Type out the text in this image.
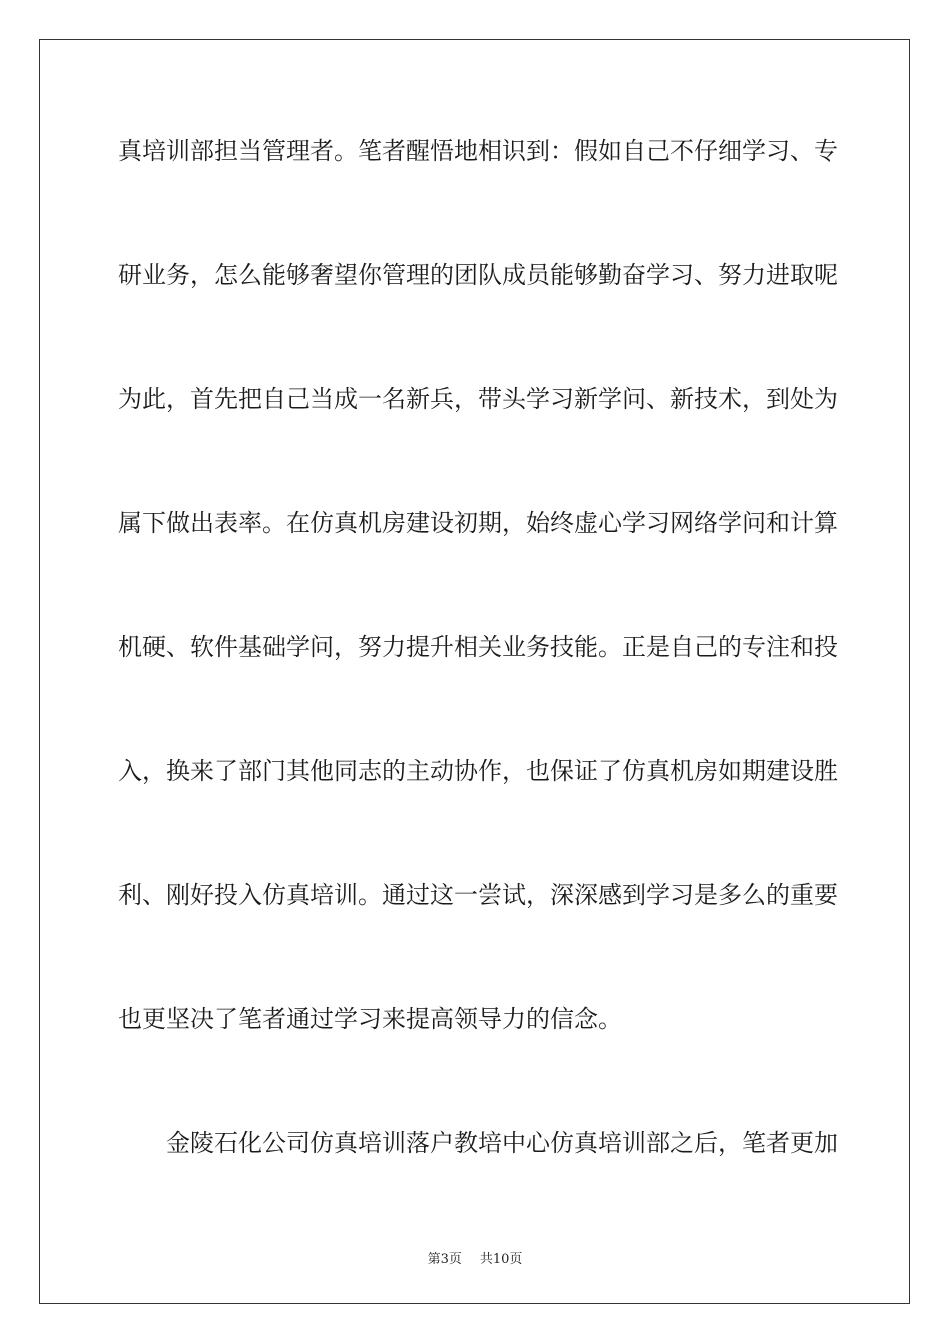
真培训部担当管理者。笔者醒悟地相识到：假如自己不仔细学习、专
研业务，怎么能够奢望你管理的团队成员能够勤奋学习、努力进取呢
为此，首先把自己当成一名新兵，带头学习新学问、新技术，到处为
属下做出表率。在仿真机房建设初期，始终虚心学习网络学问和计算
机硬、软件基础学问，努力提升相关业务技能。正是自己的专注和投
入，换来了部门其他同志的主动协作，也保证了仿真机房如期建设胜
利、刚好投入仿真培训。通过这一尝试，深深感到学习是多么的重要
也更坚决了笔者通过学习来提高领导力的信念。
金陵石化公司仿真培训落户教培中心仿真培训部之后，笔者更加
第3页 共10页
